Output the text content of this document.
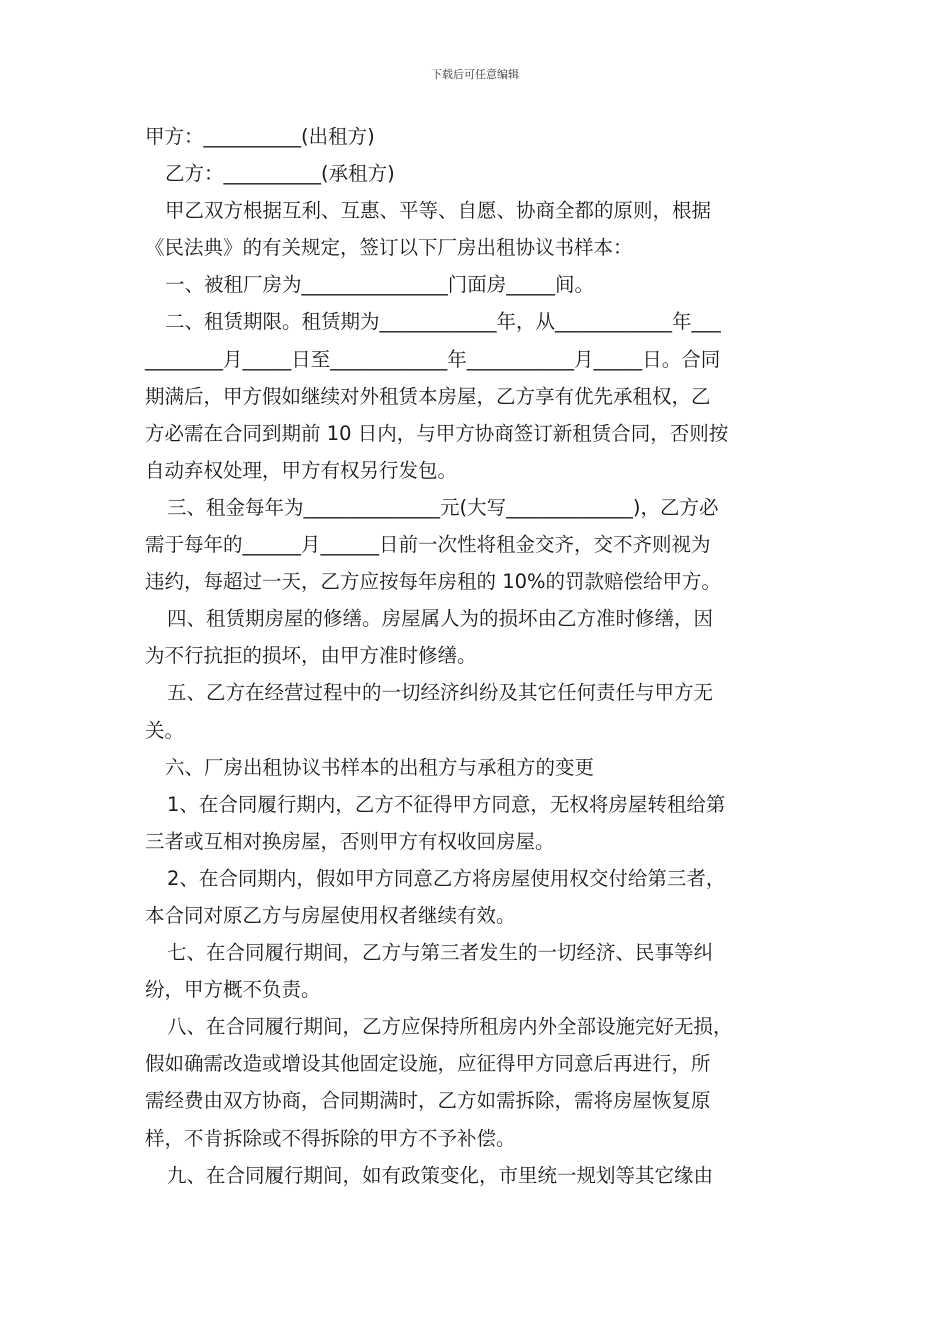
下载后可任意编辑
甲方：__________(出租方)
乙方：__________(承租方)
甲乙双方根据互利、互惠、平等、自愿、协商全都的原则，根据
《民法典》的有关规定，签订以下厂房出租协议书样本：
一、被租厂房为_______________门面房_____间。
二、租赁期限。租赁期为____________年，从____________年___
________月_____日至____________年___________月_____日。合同
期满后，甲方假如继续对外租赁本房屋，乙方享有优先承租权，乙
方必需在合同到期前 10 日内，与甲方协商签订新租赁合同，否则按
自动弃权处理，甲方有权另行发包。
三、租金每年为______________元(大写_____________)，乙方必
需于每年的______月______日前一次性将租金交齐，交不齐则视为
违约，每超过一天，乙方应按每年房租的 10%的罚款赔偿给甲方。
四、租赁期房屋的修缮。房屋属人为的损坏由乙方准时修缮，因
为不行抗拒的损坏，由甲方准时修缮。
五、乙方在经营过程中的一切经济纠纷及其它任何责任与甲方无
关。
六、厂房出租协议书样本的出租方与承租方的变更
1、在合同履行期内，乙方不征得甲方同意，无权将房屋转租给第
三者或互相对换房屋，否则甲方有权收回房屋。
2、在合同期内，假如甲方同意乙方将房屋使用权交付给第三者，
本合同对原乙方与房屋使用权者继续有效。
七、在合同履行期间，乙方与第三者发生的一切经济、民事等纠
纷，甲方概不负责。
八、在合同履行期间，乙方应保持所租房内外全部设施完好无损，
假如确需改造或增设其他固定设施，应征得甲方同意后再进行，所
需经费由双方协商，合同期满时，乙方如需拆除，需将房屋恢复原
样，不肯拆除或不得拆除的甲方不予补偿。
九、在合同履行期间，如有政策变化，市里统一规划等其它缘由
